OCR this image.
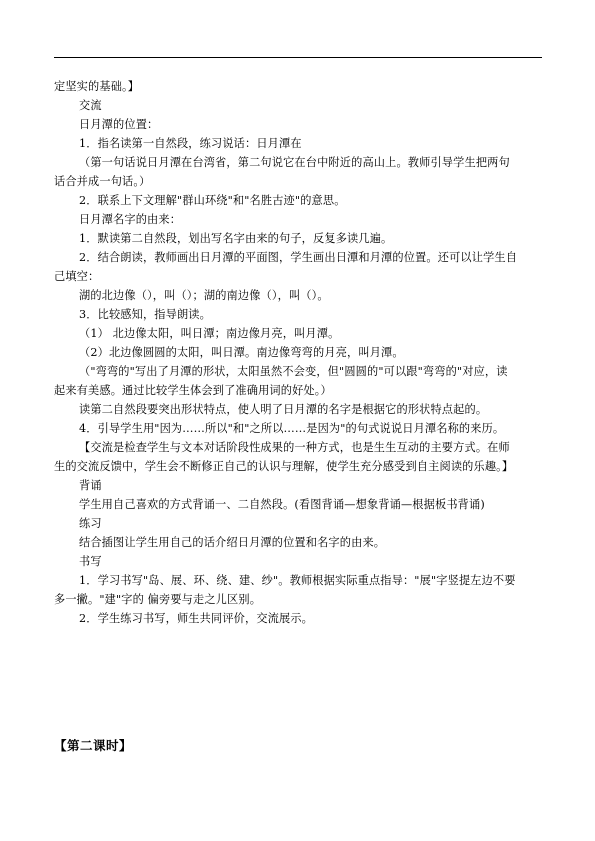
定坚实的基础。】

交流

日月潭的位置：

1．指名读第一自然段，练习说话：日月潭在

（第一句话说日月潭在台湾省，第二句说它在台中附近的高山上。教师引导学生把两句

话合并成一句话。）

2．联系上下文理解"群山环绕"和"名胜古迹"的意思。

日月潭名字的由来：

1．默读第二自然段，划出写名字由来的句子，反复多读几遍。

2．结合朗读，教师画出日月潭的平面图，学生画出日潭和月潭的位置。还可以让学生自

己填空：

湖的北边像（），叫（）；湖的南边像（），叫（）。

3．比较感知，指导朗读。

（1） 北边像太阳，叫日潭；南边像月亮，叫月潭。

（2）北边像圆圆的太阳，叫日潭。南边像弯弯的月亮，叫月潭。

（"弯弯的"写出了月潭的形状，太阳虽然不会变，但"圆圆的"可以跟"弯弯的"对应，读

起来有美感。通过比较学生体会到了准确用词的好处。）

读第二自然段要突出形状特点，使人明了日月潭的名字是根据它的形状特点起的。

4．引导学生用"因为……所以"和"之所以……是因为"的句式说说日月潭名称的来历。

【交流是检查学生与文本对话阶段性成果的一种方式，也是生生互动的主要方式。在师

生的交流反馈中，学生会不断修正自己的认识与理解，使学生充分感受到自主阅读的乐趣。】

背诵

学生用自己喜欢的方式背诵一、二自然段。(看图背诵—想象背诵—根据板书背诵)

练习

结合插图让学生用自己的话介绍日月潭的位置和名字的由来。

书写

1．学习书写"岛、展、环、绕、建、纱"。教师根据实际重点指导："展"字竖提左边不要

多一撇。"建"字的 偏旁要与走之儿区别。

2．学生练习书写，师生共同评价，交流展示。

【第二课时】
